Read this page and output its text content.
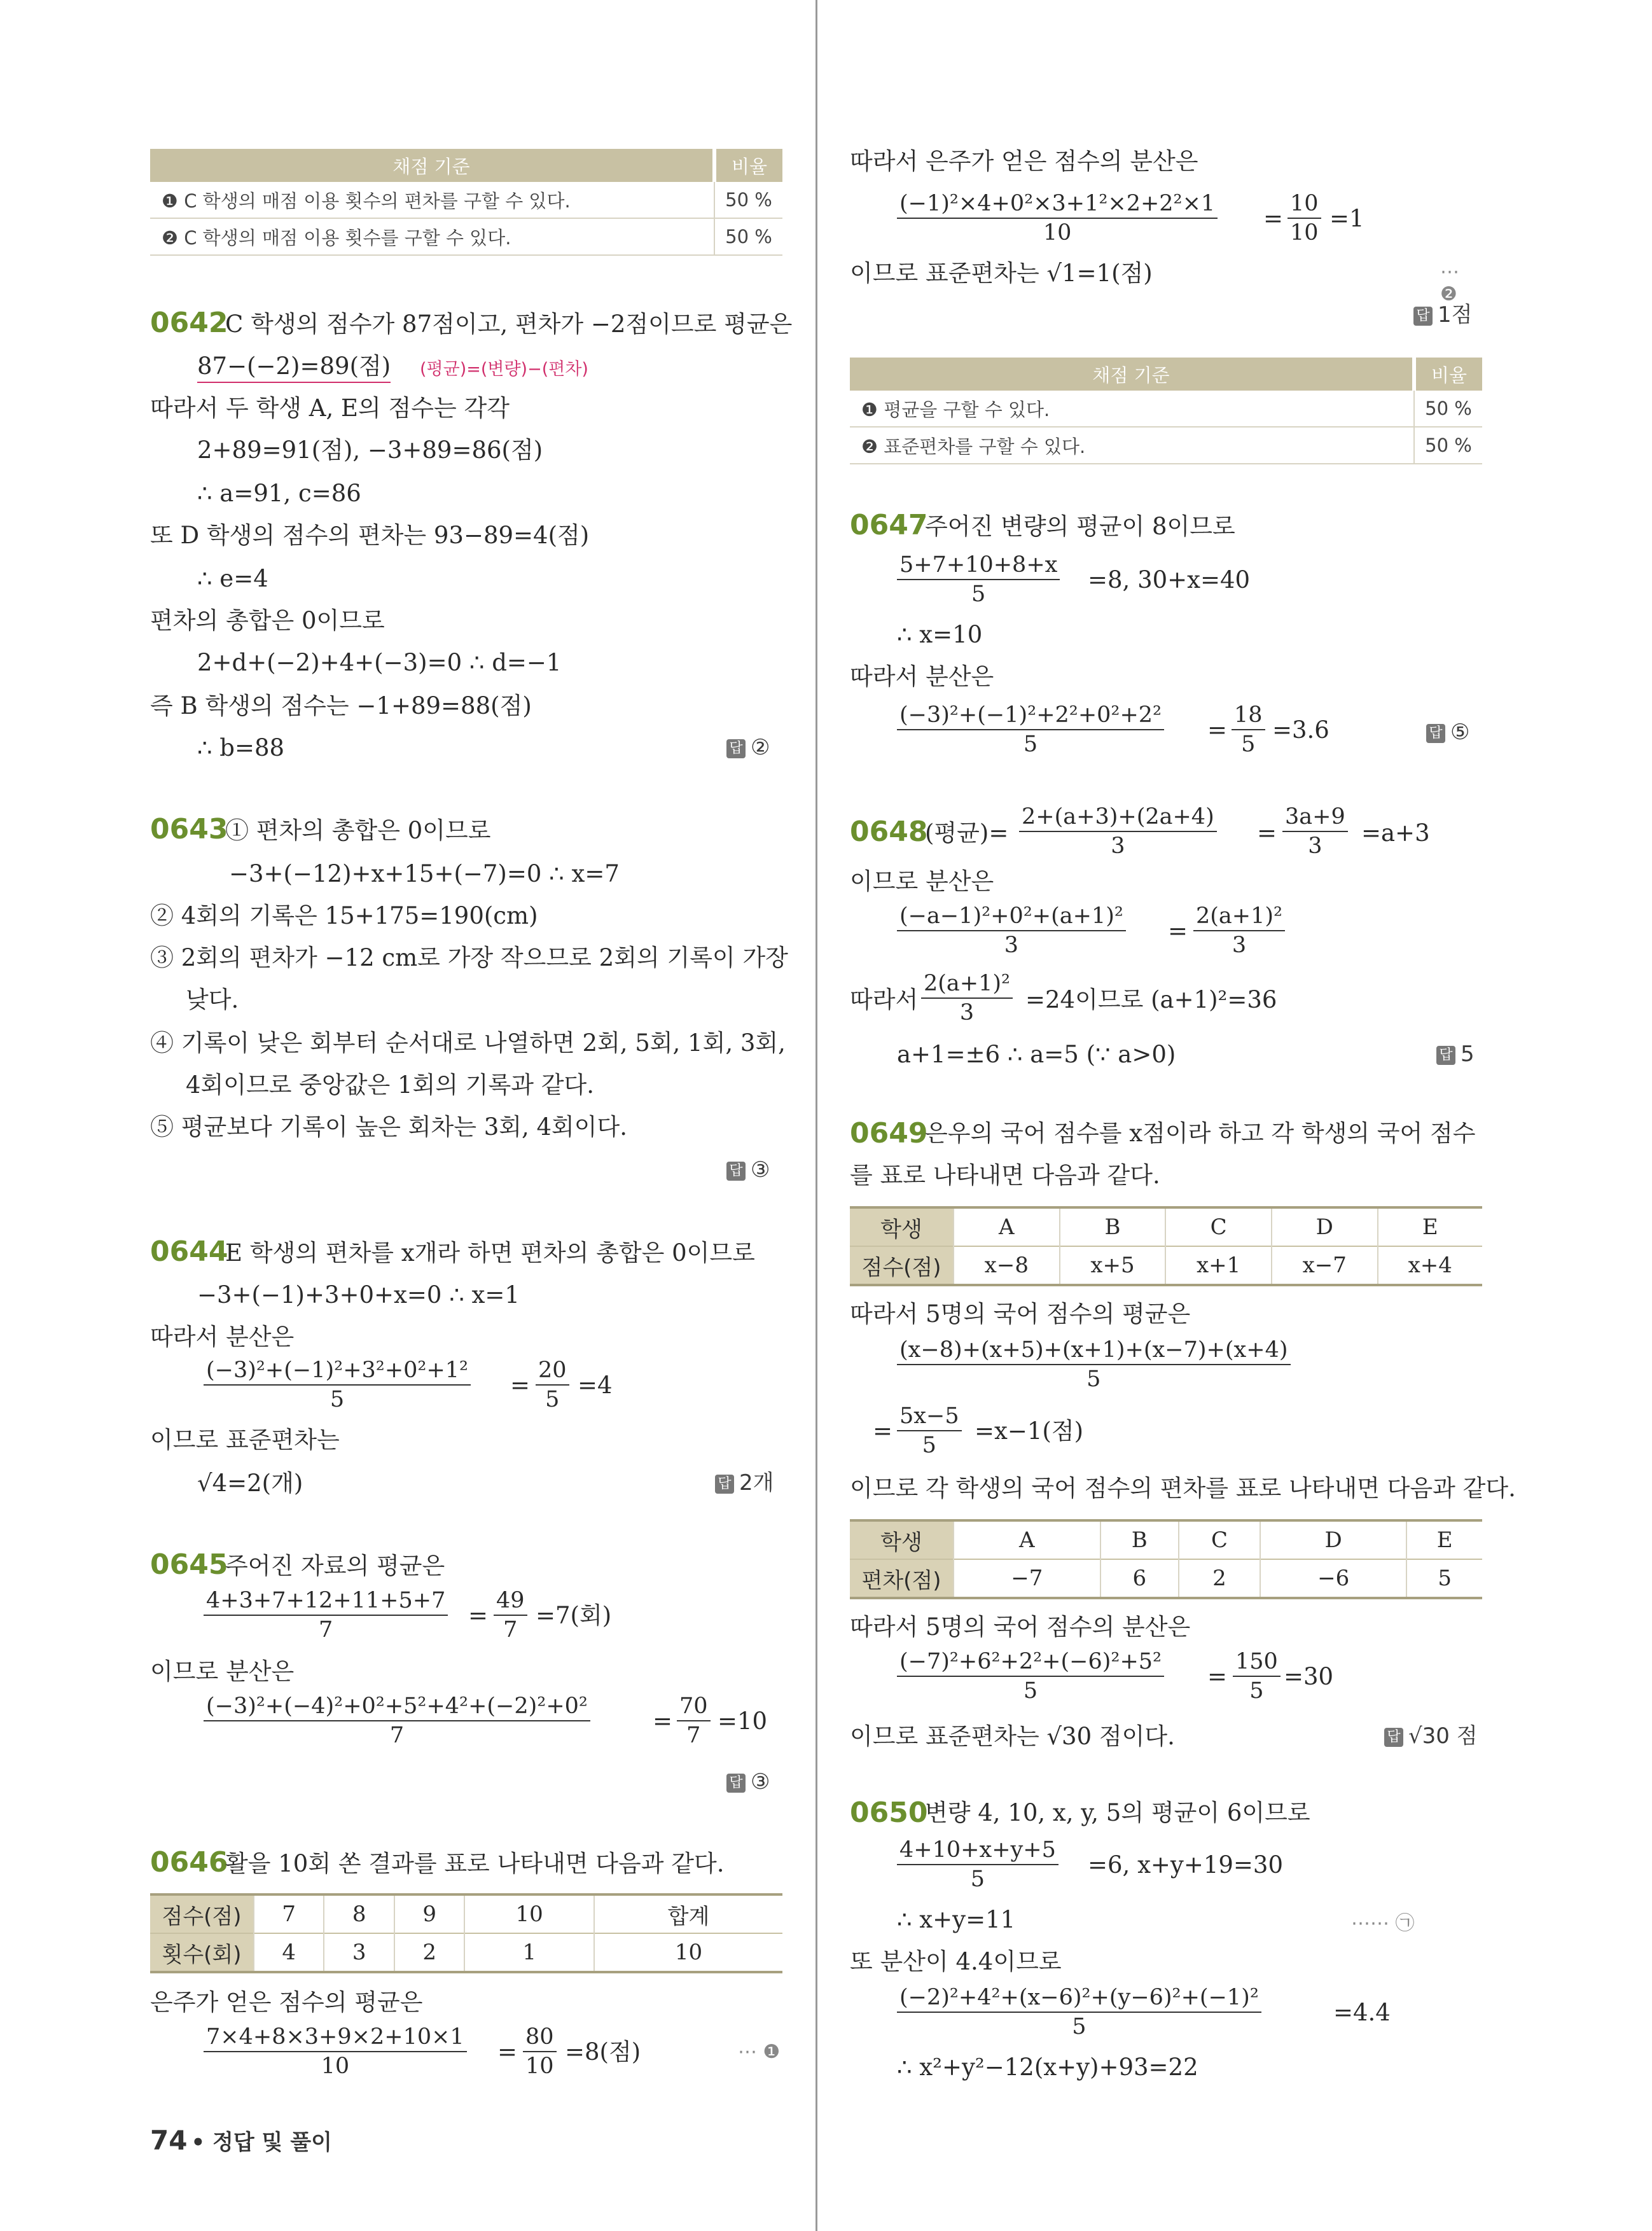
채점 기준	비율
❶ C 학생의 매점 이용 횟수의 편차를 구할 수 있다.	50 %
❷ C 학생의 매점 이용 횟수를 구할 수 있다.	50 %
0642
C 학생의 점수가 87점이고, 편차가 −2점이므로 평균은
87−(−2)=89(점) (평균)=(변량)−(편차)
따라서 두 학생 A, E의 점수는 각각
2+89=91(점), −3+89=86(점)
∴ a=91, c=86
또 D 학생의 점수의 편차는 93−89=4(점)
∴ e=4
편차의 총합은 0이므로
2+d+(−2)+4+(−3)=0 ∴ d=−1
즉 B 학생의 점수는 −1+89=88(점)
∴ b=88	답 ②
0643
① 편차의 총합은 0이므로
−3+(−12)+x+15+(−7)=0 ∴ x=7
② 4회의 기록은 15+175=190(cm)
③ 2회의 편차가 −12 cm로 가장 작으므로 2회의 기록이 가장
낮다.
④ 기록이 낮은 회부터 순서대로 나열하면 2회, 5회, 1회, 3회,
4회이므로 중앙값은 1회의 기록과 같다.
⑤ 평균보다 기록이 높은 회차는 3회, 4회이다.
답 ③
0644
E 학생의 편차를 x개라 하면 편차의 총합은 0이므로
−3+(−1)+3+0+x=0 ∴ x=1
따라서 분산은
$\frac{\text{(−3)²+(−1)²+3²+0²+1²}}{5} = \frac{20}{5} =4$
이므로 표준편차는
√4=2(개)	답 2개
0645
주어진 자료의 평균은
$\frac{4+3+7+12+11+5+7}{7} = \frac{49}{7} =7$(회)
이므로 분산은
$\frac{\text{(−3)²+(−4)²+0²+5²+4²+(−2)²+0²}}{7}$	= $\frac{70}{7} =10$
답 ③
0646
활을 10회 쏜 결과를 표로 나타내면 다음과 같다.
점수(점)	7	8	9	10	합계
횟수(회)	4	3	2	1	10
은주가 얻은 점수의 평균은
$\frac{7\times 4+8\times 3+9\times 2+10\times 1}{10} = \frac{80}{10} =8$(점)	⋯ ❶
74 • 정답 및 풀이
따라서 은주가 얻은 점수의 분산은
$\frac{\text{(−1)²×4+0²×3+1²×2+2²×1}}{10} = \frac{10}{10} =1$
이므로 표준편차는 √1=1(점)	⋯ ❷
답 1점
채점 기준	비율
❶ 평균을 구할 수 있다.	50 %
❷ 표준편차를 구할 수 있다.	50 %
0647
주어진 변량의 평균이 8이므로
$\frac{5+7+10+8+x}{5} =8$, 30+x=40
∴ x=10
따라서 분산은
$\frac{\text{(−3)²+(−1)²+2²+0²+2²}}{5} = \frac{18}{5} =3.6$	답 ⑤
0648
(평균)= $\frac{2+(a+3)+(2a+4)}{3} = \frac{3a+9}{3} =a+3$
이므로 분산은
$\frac{\text{(−a−1)²+0²+(a+1)²}}{3} = \frac{\text{2(a+1)²}}{3}$
따라서 $\frac{\text{2(a+1)²}}{3} =24$이므로 (a+1)²=36
a+1=±6 ∴ a=5 (∵ a>0)	답 5
0649
은우의 국어 점수를 x점이라 하고 각 학생의 국어 점수
를 표로 나타내면 다음과 같다.
학생	A	B	C	D	E
점수(점)	x−8	x+5	x+1	x−7	x+4
따라서 5명의 국어 점수의 평균은
$\frac{(x-8)+(x+5)+(x+1)+(x-7)+(x+4)}{5}$
= $\frac{5x-5}{5} =x-1$(점)
이므로 각 학생의 국어 점수의 편차를 표로 나타내면 다음과 같다.
학생	A	B	C	D	E
편차(점)	−7	6	2	−6	5
따라서 5명의 국어 점수의 분산은
$\frac{\text{(−7)²+6²+2²+(−6)²+5²}}{5} = \frac{150}{5} =30$
이므로 표준편차는 √30 점이다.	답 √30 점
0650
변량 4, 10, x, y, 5의 평균이 6이므로
$\frac{4+10+x+y+5}{5} =6$, x+y+19=30
∴ x+y=11	⋯⋯ ㉠
또 분산이 4.4이므로
$\frac{\text{(−2)²+4²+(x−6)²+(y−6)²+(−1)²}}{5}$	=4.4
∴ x²+y²−12(x+y)+93=22
